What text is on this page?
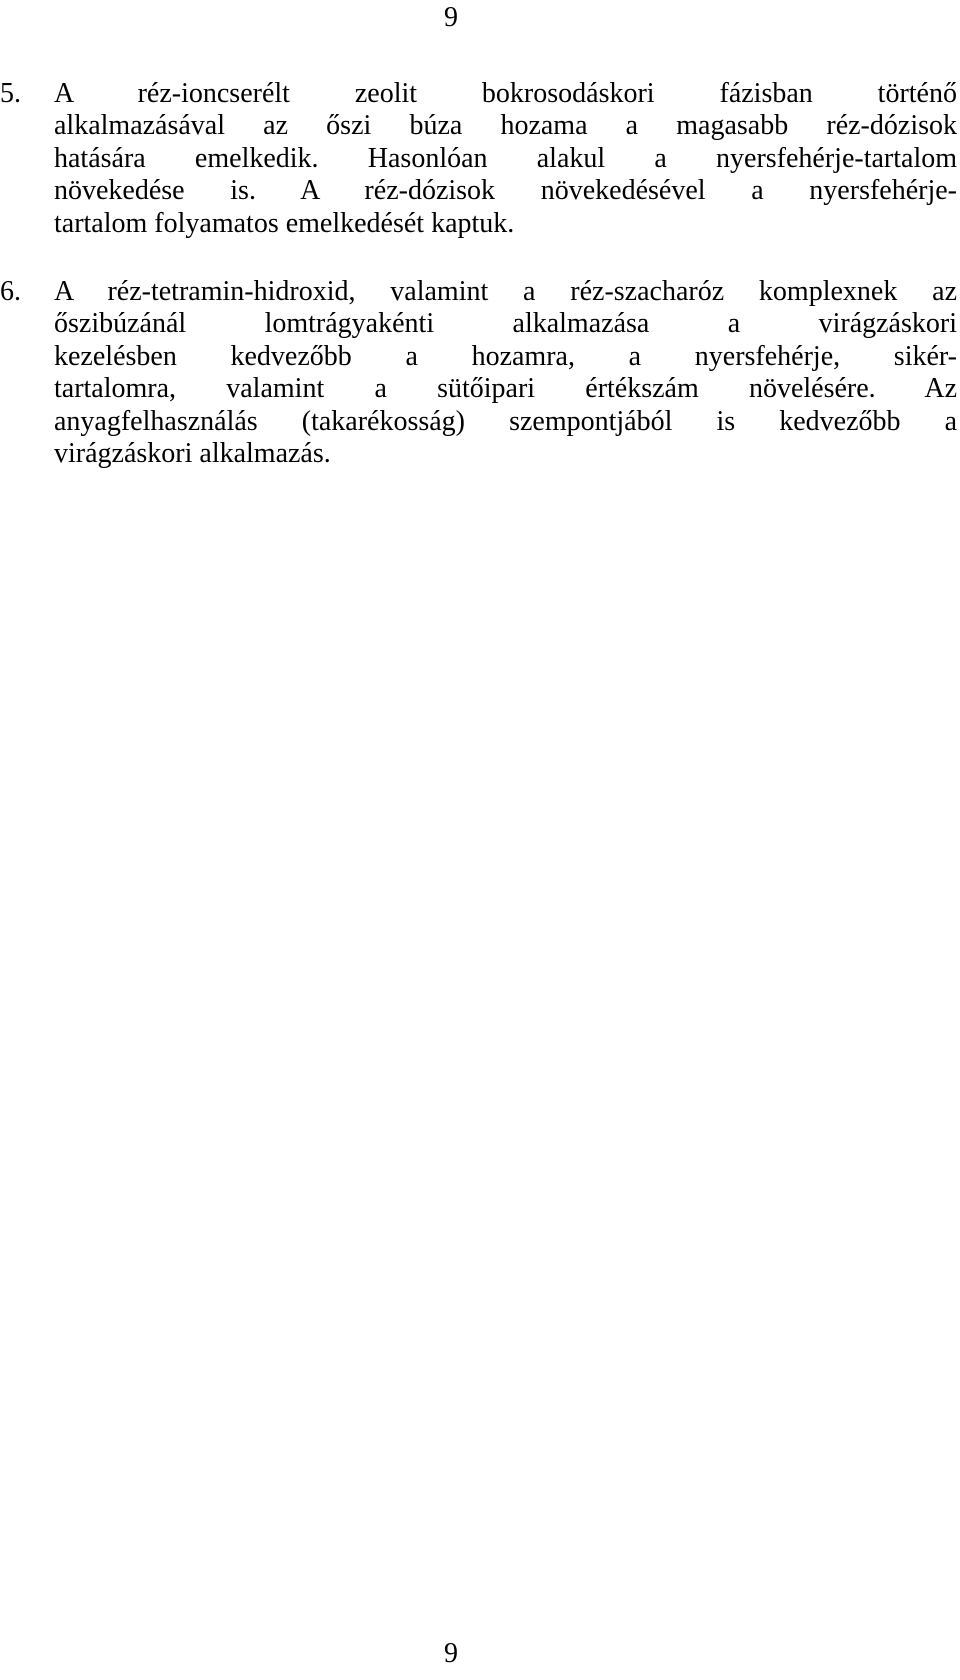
9
5. A réz-ioncserélt zeolit bokrosodáskori fázisban történő
alkalmazásával az őszi búza hozama a magasabb réz-dózisok
hatására emelkedik. Hasonlóan alakul a nyersfehérje-tartalom
növekedése is. A réz-dózisok növekedésével a nyersfehérje-
tartalom folyamatos emelkedését kaptuk.
6. A réz-tetramin-hidroxid, valamint a réz-szacharóz komplexnek az
őszibúzánál lomtrágyakénti alkalmazása a virágzáskori
kezelésben kedvezőbb a hozamra, a nyersfehérje, sikér-
tartalomra, valamint a sütőipari értékszám növelésére. Az
anyagfelhasználás (takarékosság) szempontjából is kedvezőbb a
virágzáskori alkalmazás.
9
